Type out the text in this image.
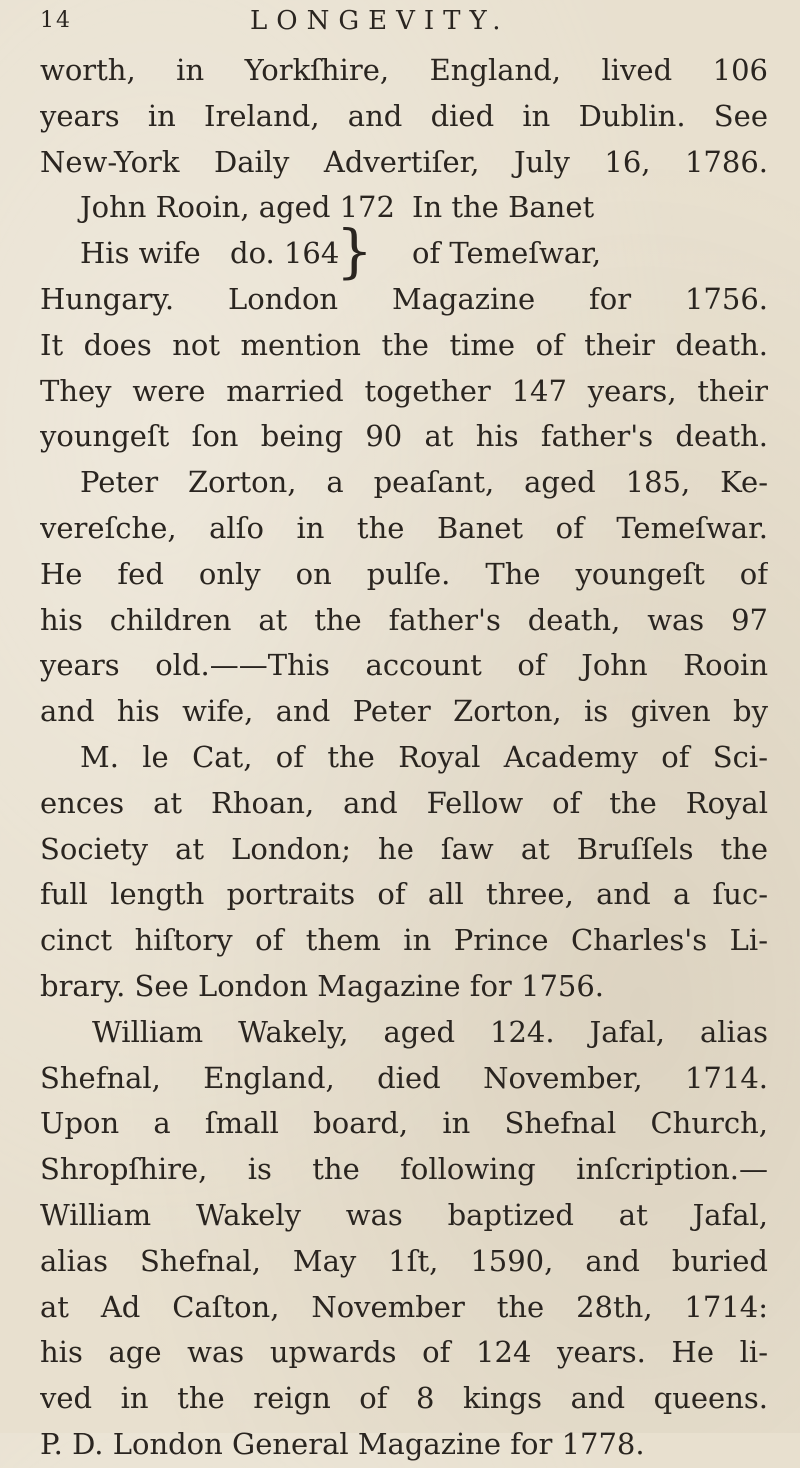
14	LONGEVITY.
worth, in Yorkſhire, England, lived 106
years in Ireland, and died in Dublin. See
New-York Daily Advertiſer, July 16, 1786.
John Rooin, aged 172 In the Banet
His wife do. 164	of Temeſwar,
Hungary. London Magazine for 1756.
It does not mention the time of their death.
They were married together 147 years, their
youngeſt ſon being 90 at his father's death.
Peter Zorton, a peaſant, aged 185, Ke-
vereſche, alſo in the Banet of Temeſwar.
He fed only on pulſe. The youngeſt of
his children at the father's death, was 97
years old.——This account of John Rooin
and his wife, and Peter Zorton, is given by
M. le Cat, of the Royal Academy of Sci-
ences at Rhoan, and Fellow of the Royal
Society at London; he ſaw at Bruſſels the
full length portraits of all three, and a ſuc-
cinct hiſtory of them in Prince Charles's Li-
brary. See London Magazine for 1756.
William Wakely, aged 124. Jafal, alias
Shefnal, England, died November, 1714.
Upon a ſmall board, in Shefnal Church,
Shropſhire, is the following inſcription.—
William Wakely was baptized at Jafal,
alias Shefnal, May 1ſt, 1590, and buried
at Ad Caſton, November the 28th, 1714:
his age was upwards of 124 years. He li-
ved in the reign of 8 kings and queens.
P. D. London General Magazine for 1778.
}
